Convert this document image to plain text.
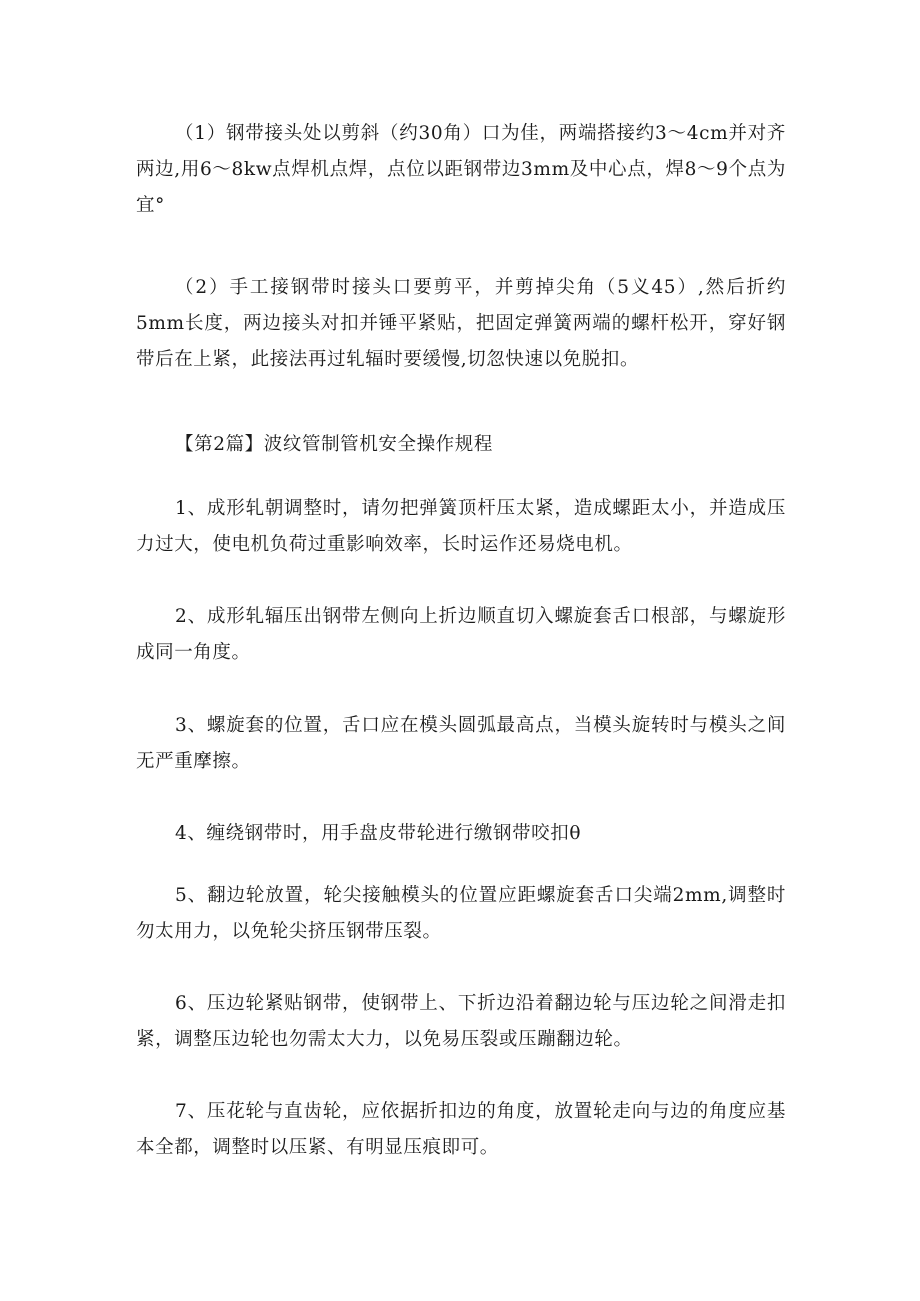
（1）钢带接头处以剪斜（约30角）口为佳，两端搭接约3～4cm并对齐两边,用6～8kw点焊机点焊，点位以距钢带边3mm及中心点，焊8～9个点为宜°

（2）手工接钢带时接头口要剪平，并剪掉尖角（5义45）,然后折约5mm长度，两边接头对扣并锤平紧贴，把固定弹簧两端的螺杆松开，穿好钢带后在上紧，此接法再过轧辐时要缓慢,切忽快速以免脱扣。

【第2篇】波纹管制管机安全操作规程

1、成形轧朝调整时，请勿把弹簧顶杆压太紧，造成螺距太小，并造成压力过大，使电机负荷过重影响效率，长时运作还易烧电机。

2、成形轧辐压出钢带左侧向上折边顺直切入螺旋套舌口根部，与螺旋形成同一角度。

3、螺旋套的位置，舌口应在模头圆弧最高点，当模头旋转时与模头之间无严重摩擦。

4、缠绕钢带时，用手盘皮带轮进行缴钢带咬扣θ

5、翻边轮放置，轮尖接触模头的位置应距螺旋套舌口尖端2mm,调整时勿太用力，以免轮尖挤压钢带压裂。

6、压边轮紧贴钢带，使钢带上、下折边沿着翻边轮与压边轮之间滑走扣紧，调整压边轮也勿需太大力，以免易压裂或压蹦翻边轮。

7、压花轮与直齿轮，应依据折扣边的角度，放置轮走向与边的角度应基本全都，调整时以压紧、有明显压痕即可。
